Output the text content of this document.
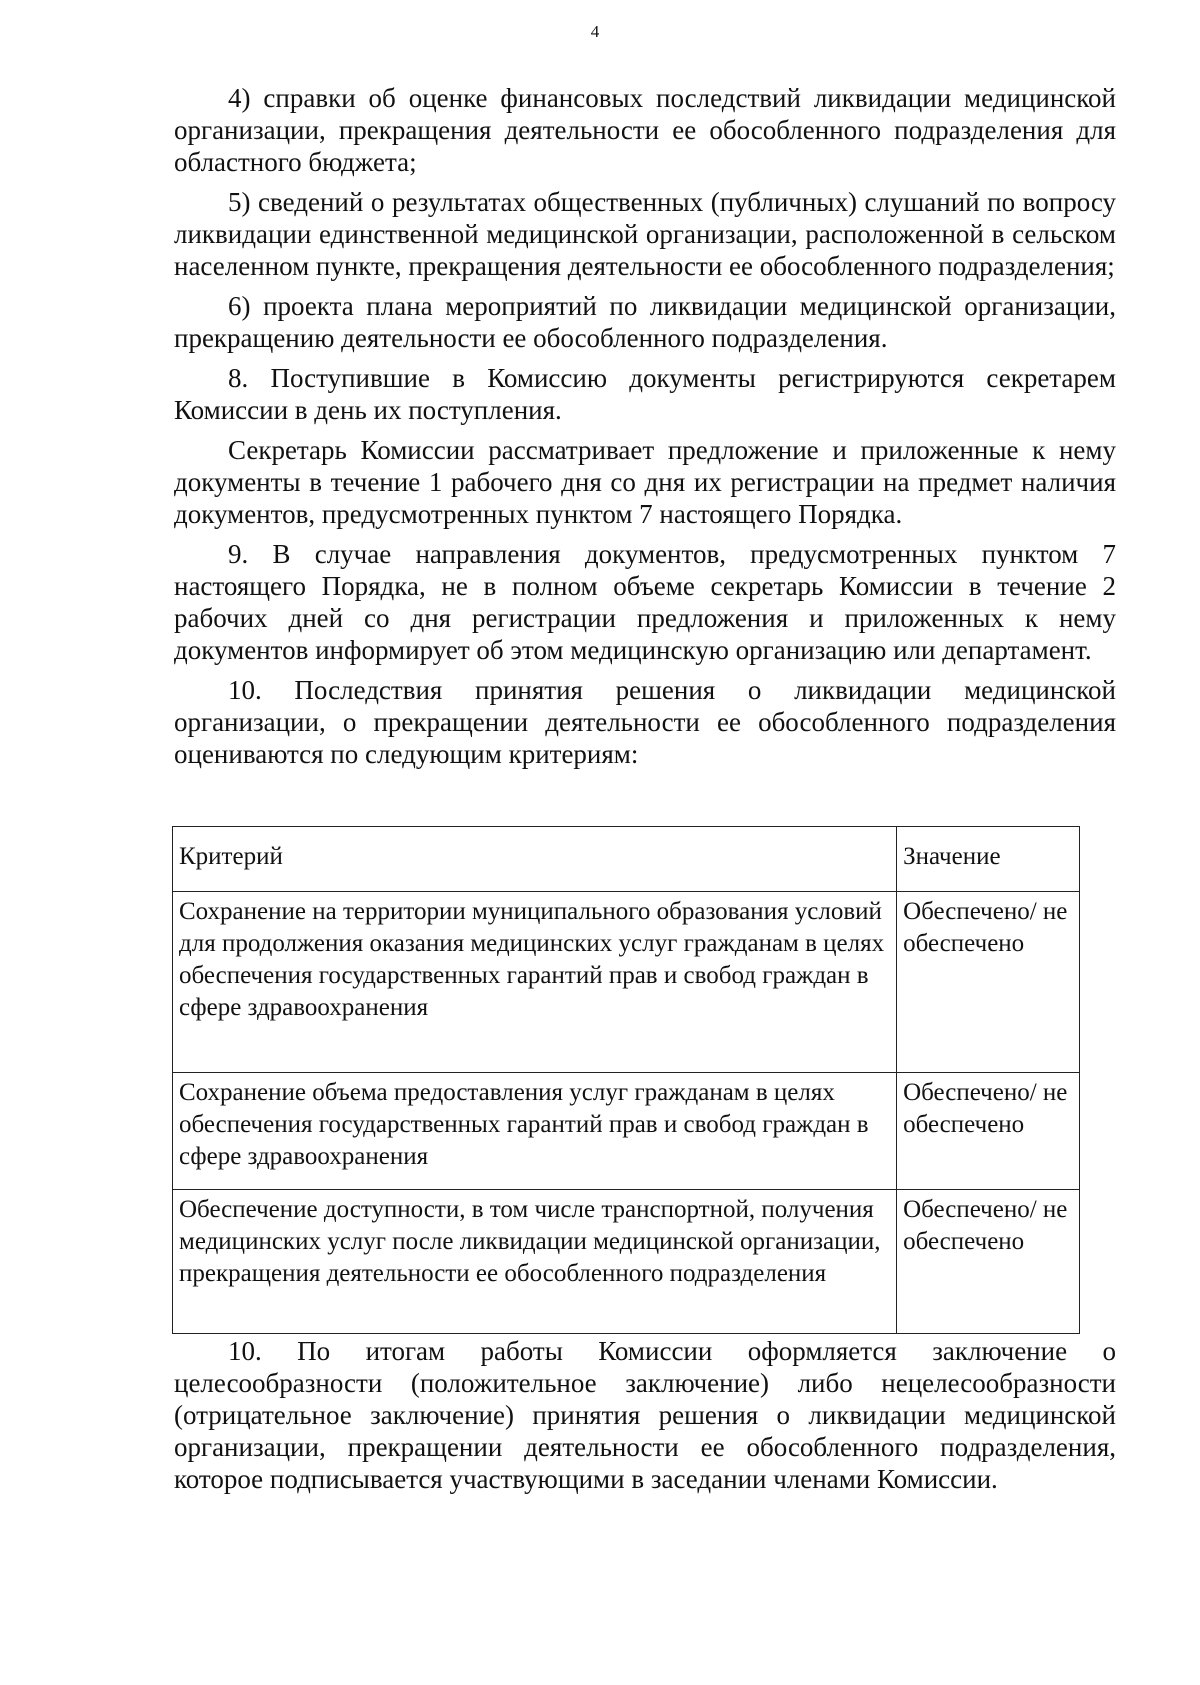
4

4) справки об оценке финансовых последствий ликвидации медицинской организации, прекращения деятельности ее обособленного подразделения для областного бюджета;

5) сведений о результатах общественных (публичных) слушаний по вопросу ликвидации единственной медицинской организации, расположенной в сельском населенном пункте, прекращения деятельности ее обособленного подразделения;

6) проекта плана мероприятий по ликвидации медицинской организации, прекращению деятельности ее обособленного подразделения.

8. Поступившие в Комиссию документы регистрируются секретарем Комиссии в день их поступления.

Секретарь Комиссии рассматривает предложение и приложенные к нему документы в течение 1 рабочего дня со дня их регистрации на предмет наличия документов, предусмотренных пунктом 7 настоящего Порядка.

9. В случае направления документов, предусмотренных пунктом 7 настоящего Порядка, не в полном объеме секретарь Комиссии в течение 2 рабочих дней со дня регистрации предложения и приложенных к нему документов информирует об этом медицинскую организацию или департамент.

10. Последствия принятия решения о ликвидации медицинской организации, о прекращении деятельности ее обособленного подразделения оцениваются по следующим критериям:

Критерий	Значение
Сохранение на территории муниципального образования условий для продолжения оказания медицинских услуг гражданам в целях обеспечения государственных гарантий прав и свобод граждан в сфере здравоохранения	Обеспечено/ не обеспечено
Сохранение объема предоставления услуг гражданам в целях обеспечения государственных гарантий прав и свобод граждан в сфере здравоохранения	Обеспечено/ не обеспечено
Обеспечение доступности, в том числе транспортной, получения медицинских услуг после ликвидации медицинской организации, прекращения деятельности ее обособленного подразделения	Обеспечено/ не обеспечено

10. По итогам работы Комиссии оформляется заключение о целесообразности (положительное заключение) либо нецелесообразности (отрицательное заключение) принятия решения о ликвидации медицинской организации, прекращении деятельности ее обособленного подразделения, которое подписывается участвующими в заседании членами Комиссии.
